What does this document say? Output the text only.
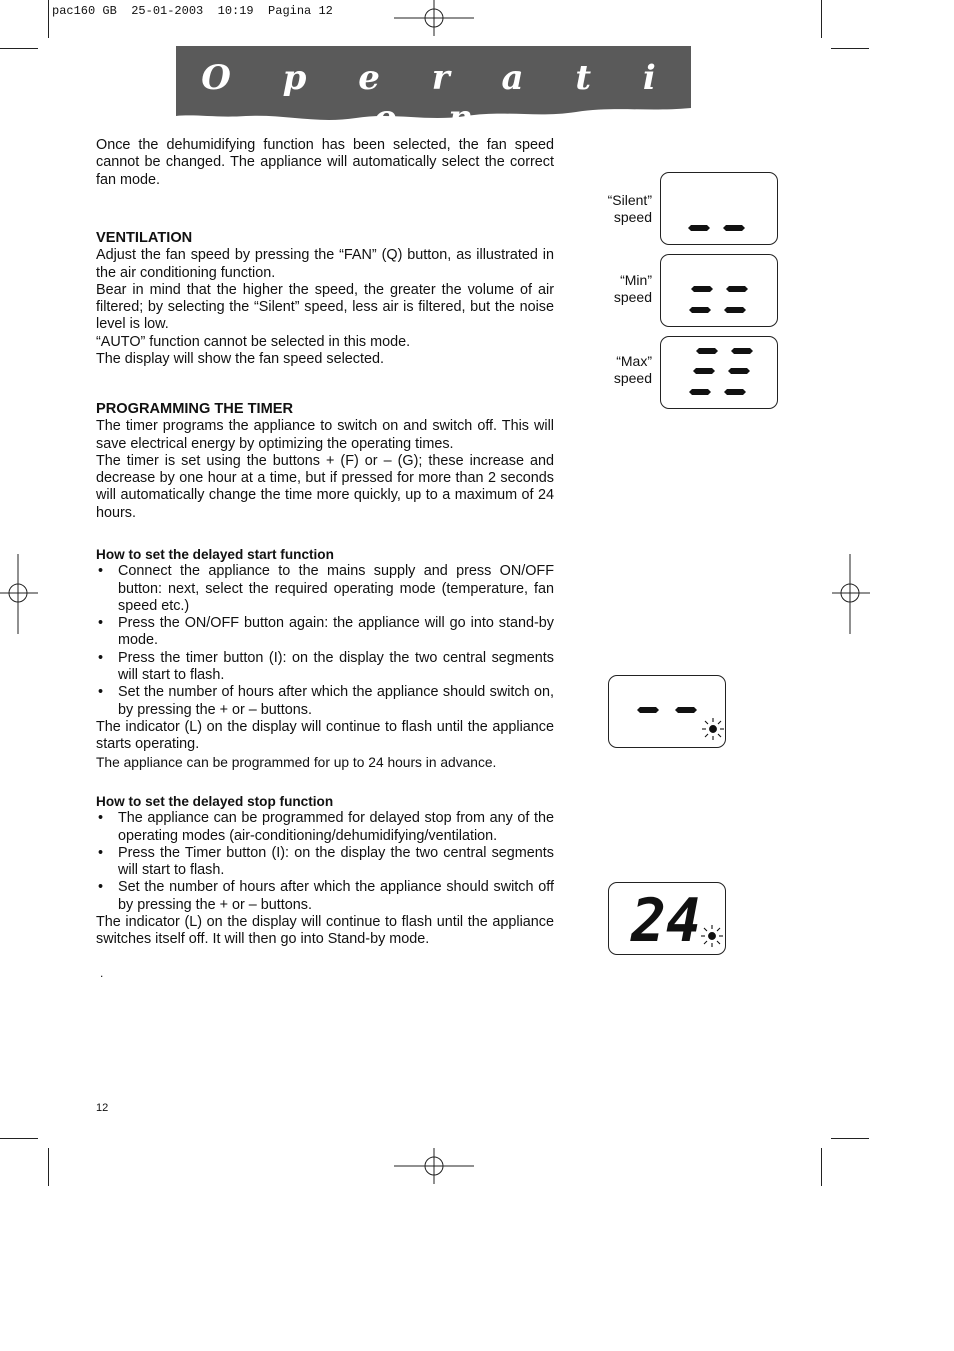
pac160 GB  25-01-2003  10:19  Pagina 12
O p e r a t i o n

Once the dehumidifying function has been selected, the fan speed cannot be changed. The appliance will automatically select the correct fan mode.

VENTILATION

Adjust the fan speed by pressing the “FAN” (Q) button, as illustrated in the air conditioning function.

Bear in mind that the higher the speed, the greater the volume of air filtered; by selecting the “Silent” speed, less air is filtered, but the noise level is low.

“AUTO” function cannot be selected in this mode.

The display will show the fan speed selected.

PROGRAMMING THE TIMER

The timer programs the appliance to switch on and switch off. This will save electrical energy by optimizing the operating times.

The timer is set using the buttons + (F) or – (G); these increase and decrease by one hour at a time, but if pressed for more than 2 seconds will automatically change the time more quickly, up to a maximum of 24 hours.

How to set the delayed start function

• Connect the appliance to the mains supply and press ON/OFF button: next, select the required operating mode (temperature, fan speed etc.)
• Press the ON/OFF button again: the appliance will go into stand-by mode.
• Press the timer button (I): on the display the two central segments will start to flash.
• Set the number of hours after which the appliance should switch on, by pressing the + or – buttons.

The indicator (L) on the display will continue to flash until the appliance starts operating.

The appliance can be programmed for up to 24 hours in advance.

How to set the delayed stop function

• The appliance can be programmed for delayed stop from any of the operating modes (air-conditioning/dehumidifying/ventilation.
• Press the Timer button (I): on the display the two central segments will start to flash.
• Set the number of hours after which the appliance should switch off by pressing the + or – buttons.

The indicator (L) on the display will continue to flash until the appliance switches itself off. It will then go into Stand-by mode.

.
“Silent”
speed
“Min”
speed
“Max”
speed
24
12
